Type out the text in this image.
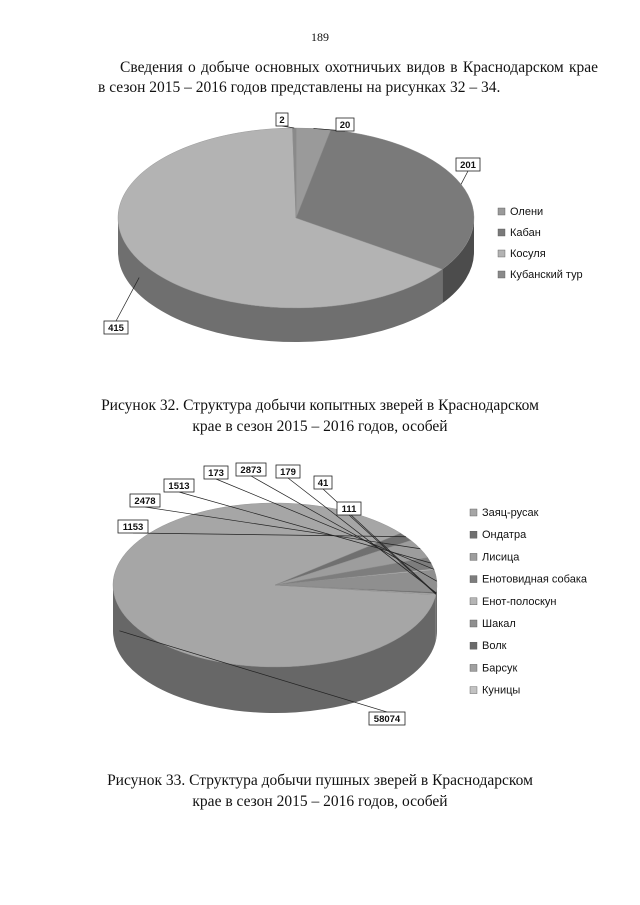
189

Сведения о добыче основных охотничьих видов в Краснодарском крае в сезон 2015 – 2016 годов представлены на рисунках 32 – 34.

20
201
415
2
Олени
Кабан
Косуля
Кубанский тур
Рисунок 32. Структура добычи копытных зверей в Краснодарском
крае в сезон 2015 – 2016 годов, особей
58074
1153
2478
1513
173 2873 179
41
111	Заяц-русак
Ондатра
Лисица
Енотовидная собака
Енот-полоскун
Шакал
Волк
Барсук
Куницы
Рисунок 33. Структура добычи пушных зверей в Краснодарском
крае в сезон 2015 – 2016 годов, особей
